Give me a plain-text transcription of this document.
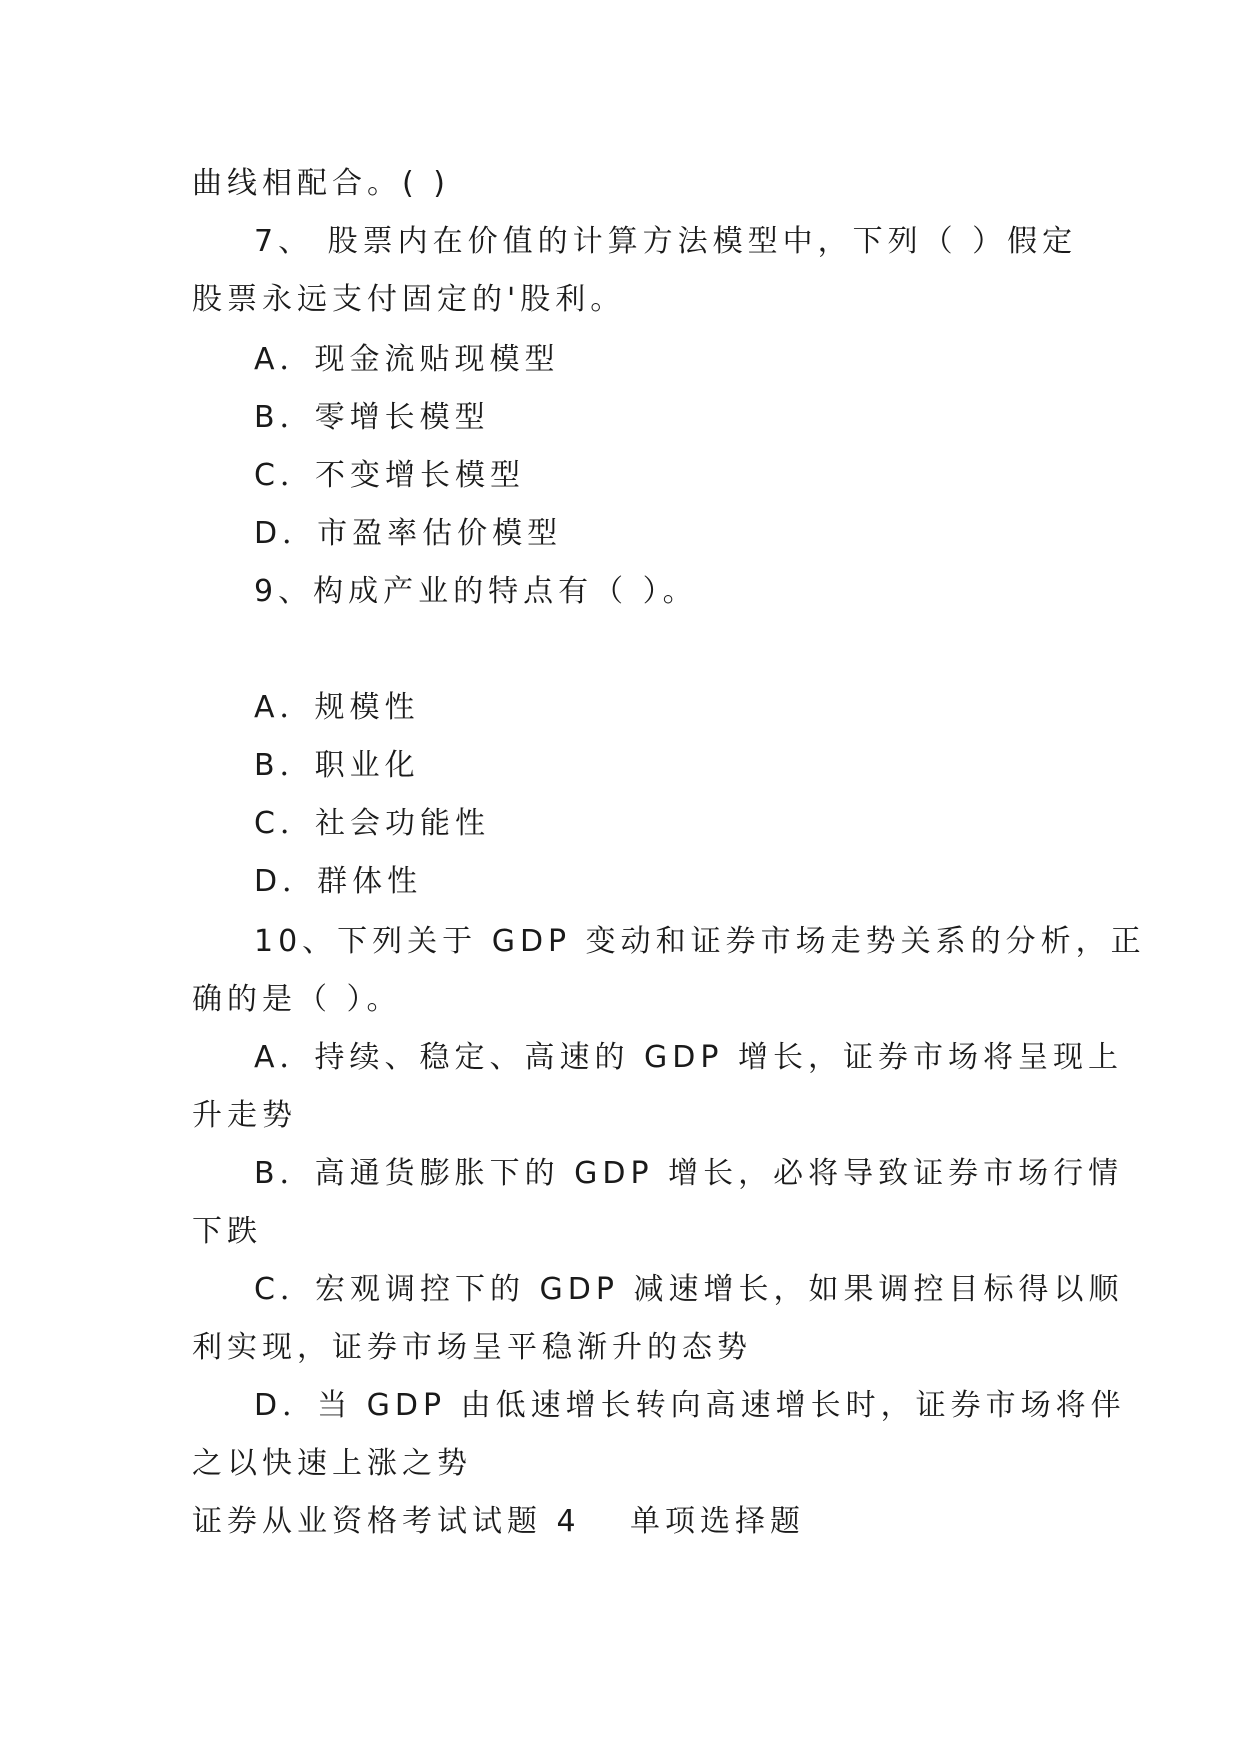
曲线相配合。( )
7、 股票内在价值的计算方法模型中，下列（ ）假定
股票永远支付固定的'股利。
A．现金流贴现模型
B．零增长模型
C．不变增长模型
D．市盈率估价模型
9、构成产业的特点有（ ）。
A．规模性
B．职业化
C．社会功能性
D．群体性
10、下列关于 GDP 变动和证券市场走势关系的分析，正
确的是（ ）。
A．持续、稳定、高速的 GDP 增长，证券市场将呈现上
升走势
B．高通货膨胀下的 GDP 增长，必将导致证券市场行情
下跌
C．宏观调控下的 GDP 减速增长，如果调控目标得以顺
利实现，证券市场呈平稳渐升的态势
D．当 GDP 由低速增长转向高速增长时，证券市场将伴
之以快速上涨之势
证券从业资格考试试题 4 单项选择题
